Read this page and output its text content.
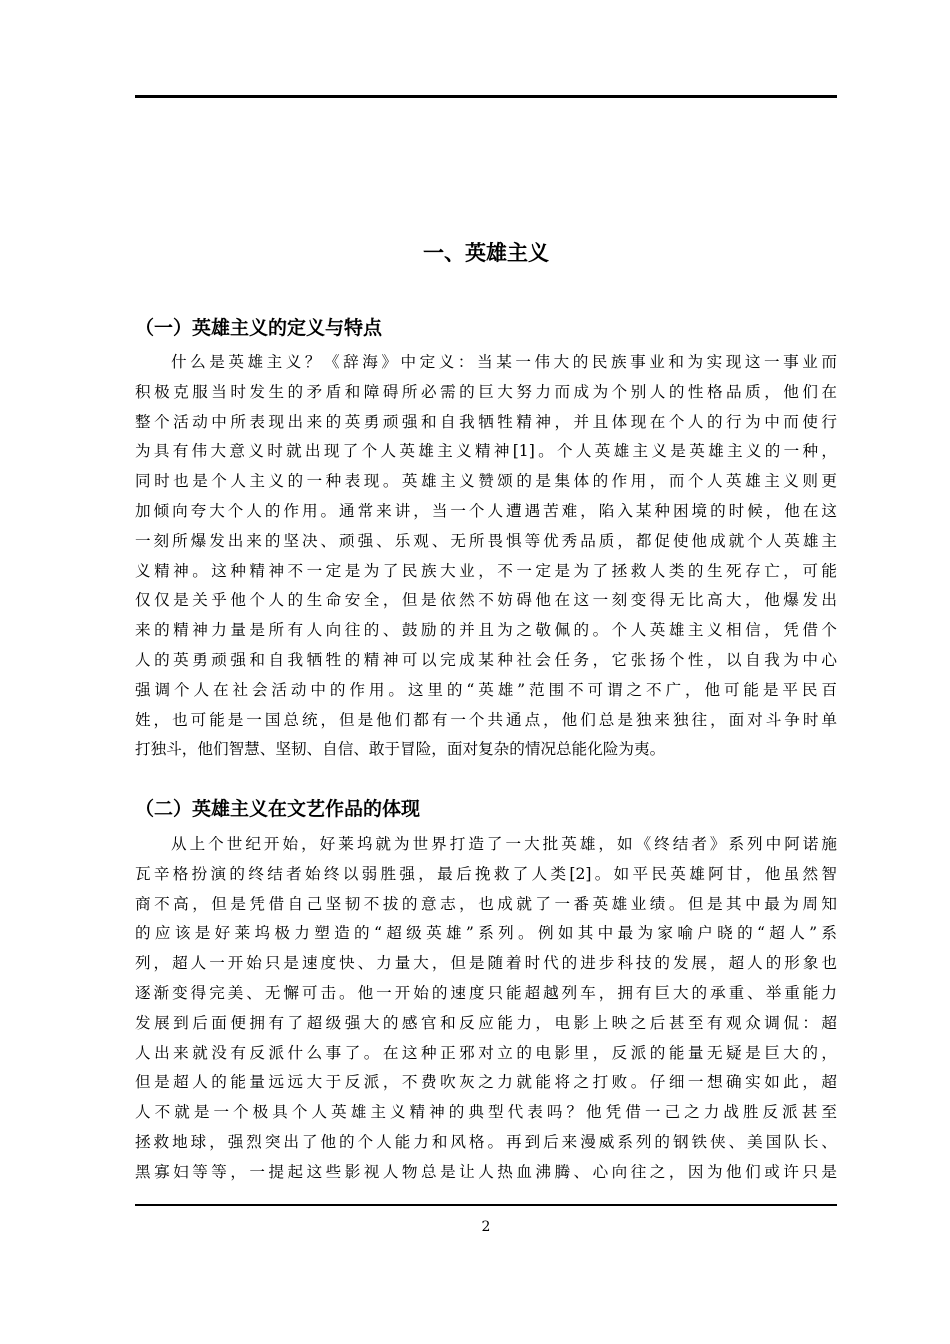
一、英雄主义
（一）英雄主义的定义与特点
什么是英雄主义？《辞海》中定义：当某一伟大的民族事业和为实现这一事业而
积极克服当时发生的矛盾和障碍所必需的巨大努力而成为个别人的性格品质，他们在
整个活动中所表现出来的英勇顽强和自我牺牲精神，并且体现在个人的行为中而使行
为具有伟大意义时就出现了个人英雄主义精神[1]。个人英雄主义是英雄主义的一种，
同时也是个人主义的一种表现。英雄主义赞颂的是集体的作用，而个人英雄主义则更
加倾向夸大个人的作用。通常来讲，当一个人遭遇苦难，陷入某种困境的时候，他在这
一刻所爆发出来的坚决、顽强、乐观、无所畏惧等优秀品质，都促使他成就个人英雄主
义精神。这种精神不一定是为了民族大业，不一定是为了拯救人类的生死存亡，可能
仅仅是关乎他个人的生命安全，但是依然不妨碍他在这一刻变得无比高大，他爆发出
来的精神力量是所有人向往的、鼓励的并且为之敬佩的。个人英雄主义相信，凭借个
人的英勇顽强和自我牺牲的精神可以完成某种社会任务，它张扬个性，以自我为中心
强调个人在社会活动中的作用。这里的“英雄”范围不可谓之不广，他可能是平民百
姓，也可能是一国总统，但是他们都有一个共通点，他们总是独来独往，面对斗争时单
打独斗，他们智慧、坚韧、自信、敢于冒险，面对复杂的情况总能化险为夷。
（二）英雄主义在文艺作品的体现
从上个世纪开始，好莱坞就为世界打造了一大批英雄，如《终结者》系列中阿诺施
瓦辛格扮演的终结者始终以弱胜强，最后挽救了人类[2]。如平民英雄阿甘，他虽然智
商不高，但是凭借自己坚韧不拔的意志，也成就了一番英雄业绩。但是其中最为周知
的应该是好莱坞极力塑造的“超级英雄”系列。例如其中最为家喻户晓的“超人”系
列，超人一开始只是速度快、力量大，但是随着时代的进步科技的发展，超人的形象也
逐渐变得完美、无懈可击。他一开始的速度只能超越列车，拥有巨大的承重、举重能力
发展到后面便拥有了超级强大的感官和反应能力，电影上映之后甚至有观众调侃：超
人出来就没有反派什么事了。在这种正邪对立的电影里，反派的能量无疑是巨大的，
但是超人的能量远远大于反派，不费吹灰之力就能将之打败。仔细一想确实如此，超
人不就是一个极具个人英雄主义精神的典型代表吗？他凭借一己之力战胜反派甚至
拯救地球，强烈突出了他的个人能力和风格。再到后来漫威系列的钢铁侠、美国队长、
黑寡妇等等，一提起这些影视人物总是让人热血沸腾、心向往之，因为他们或许只是
2
